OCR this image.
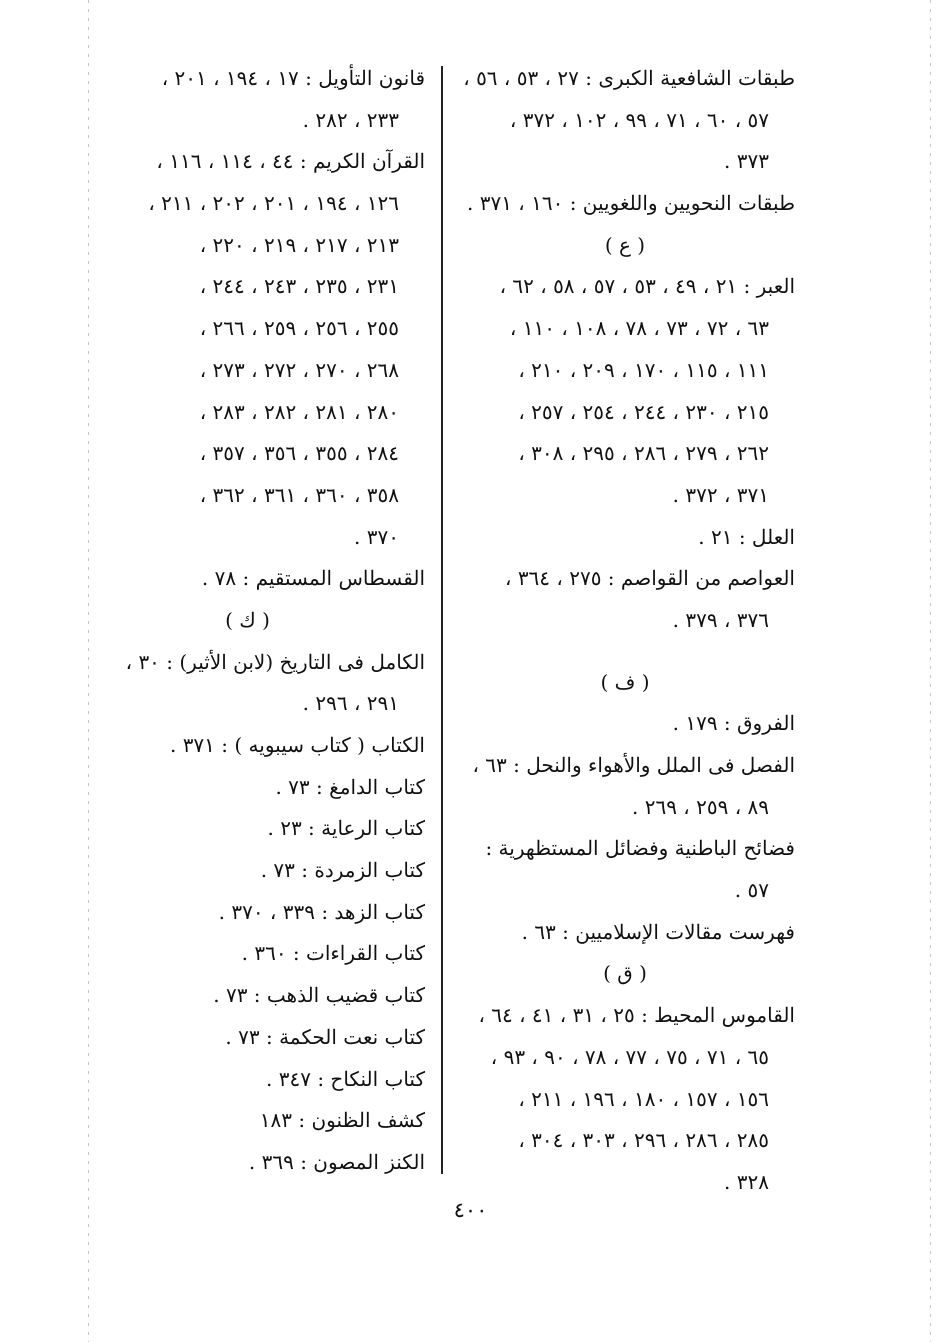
طبقات الشافعية الكبرى : ٢٧ ، ٥٣ ، ٥٦ ،
٥٧ ، ٦٠ ، ٧١ ، ٩٩ ، ١٠٢ ، ٣٧٢ ،
٣٧٣ .
طبقات النحويين واللغويين : ١٦٠ ، ٣٧١ .
( ع )
العبر : ٢١ ، ٤٩ ، ٥٣ ، ٥٧ ، ٥٨ ، ٦٢ ،
٦٣ ، ٧٢ ، ٧٣ ، ٧٨ ، ١٠٨ ، ١١٠ ،
١١١ ، ١١٥ ، ١٧٠ ، ٢٠٩ ، ٢١٠ ،
٢١٥ ، ٢٣٠ ، ٢٤٤ ، ٢٥٤ ، ٢٥٧ ،
٢٦٢ ، ٢٧٩ ، ٢٨٦ ، ٢٩٥ ، ٣٠٨ ،
٣٧١ ، ٣٧٢ .
العلل : ٢١ .
العواصم من القواصم : ٢٧٥ ، ٣٦٤ ،
٣٧٦ ، ٣٧٩ .
( ف )
الفروق : ١٧٩ .
الفصل فى الملل والأهواء والنحل : ٦٣ ،
٨٩ ، ٢٥٩ ، ٢٦٩ .
فضائح الباطنية وفضائل المستظهرية :
٥٧ .
فهرست مقالات الإسلاميين : ٦٣ .
( ق )
القاموس المحيط : ٢٥ ، ٣١ ، ٤١ ، ٦٤ ،
٦٥ ، ٧١ ، ٧٥ ، ٧٧ ، ٧٨ ، ٩٠ ، ٩٣ ،
١٥٦ ، ١٥٧ ، ١٨٠ ، ١٩٦ ، ٢١١ ،
٢٨٥ ، ٢٨٦ ، ٢٩٦ ، ٣٠٣ ، ٣٠٤ ،
٣٢٨ .
قانون التأويل : ١٧ ، ١٩٤ ، ٢٠١ ،
٢٣٣ ، ٢٨٢ .
القرآن الكريم : ٤٤ ، ١١٤ ، ١١٦ ،
١٢٦ ، ١٩٤ ، ٢٠١ ، ٢٠٢ ، ٢١١ ،
٢١٣ ، ٢١٧ ، ٢١٩ ، ٢٢٠ ،
٢٣١ ، ٢٣٥ ، ٢٤٣ ، ٢٤٤ ،
٢٥٥ ، ٢٥٦ ، ٢٥٩ ، ٢٦٦ ،
٢٦٨ ، ٢٧٠ ، ٢٧٢ ، ٢٧٣ ،
٢٨٠ ، ٢٨١ ، ٢٨٢ ، ٢٨٣ ،
٢٨٤ ، ٣٥٥ ، ٣٥٦ ، ٣٥٧ ،
٣٥٨ ، ٣٦٠ ، ٣٦١ ، ٣٦٢ ،
٣٧٠ .
القسطاس المستقيم : ٧٨ .
( ك )
الكامل فى التاريخ (لابن الأثير) : ٣٠ ،
٢٩١ ، ٢٩٦ .
الكتاب ( كتاب سيبويه ) : ٣٧١ .
كتاب الدامغ : ٧٣ .
كتاب الرعاية : ٢٣ .
كتاب الزمردة : ٧٣ .
كتاب الزهد : ٣٣٩ ، ٣٧٠ .
كتاب القراءات : ٣٦٠ .
كتاب قضيب الذهب : ٧٣ .
كتاب نعت الحكمة : ٧٣ .
كتاب النكاح : ٣٤٧ .
كشف الظنون : ١٨٣
الكنز المصون : ٣٦٩ .
٤٠٠
